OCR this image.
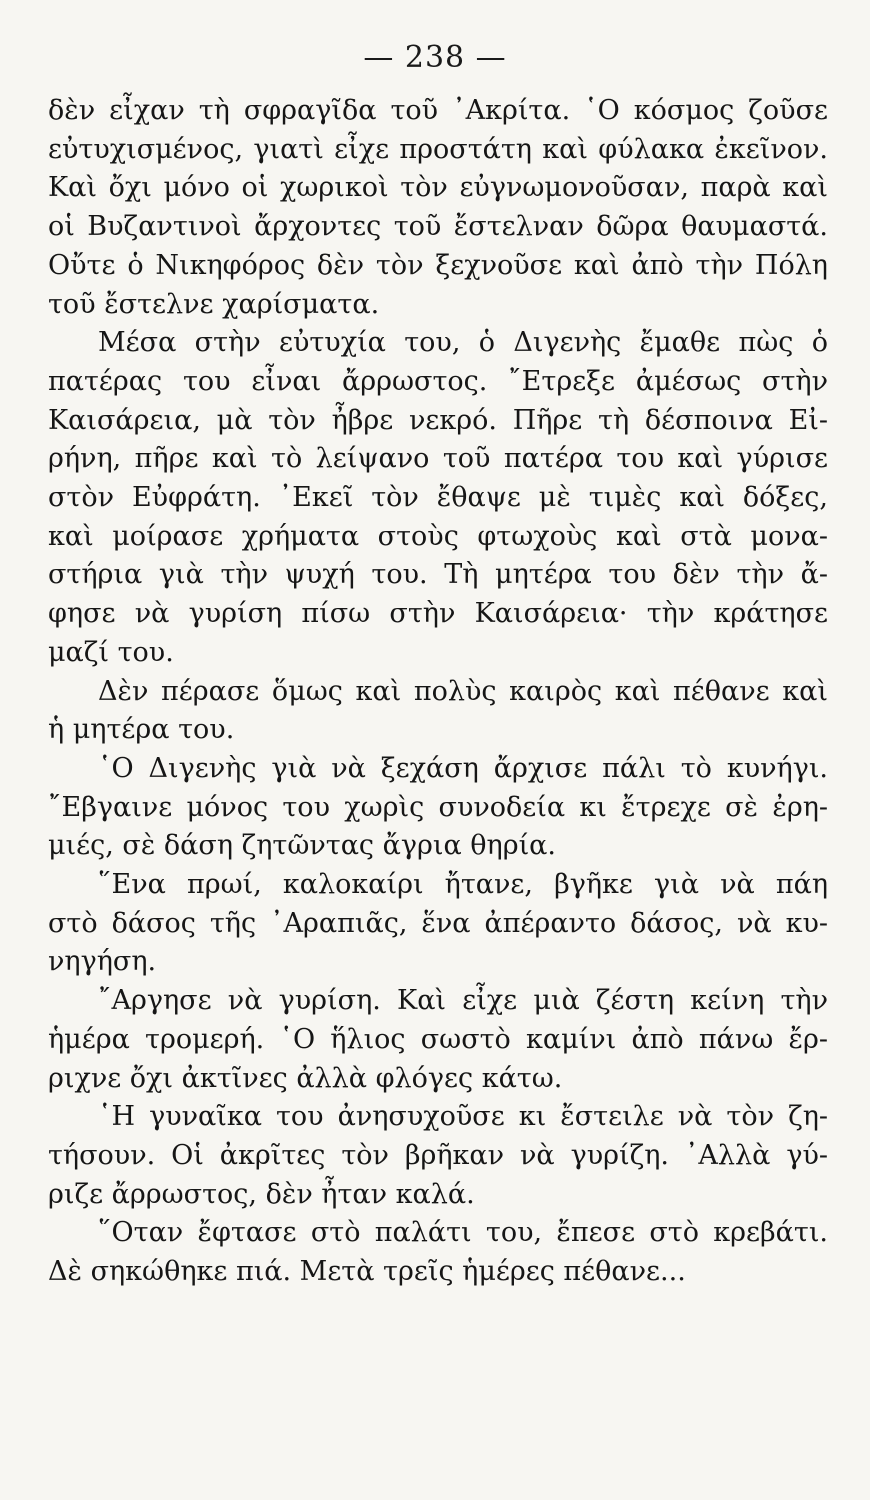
— 238 —
δὲν εἶχαν τὴ σφραγῖδα τοῦ ᾿Ακρίτα. ῾Ο κόσμος ζοῦσε
εὐτυχισμένος, γιατὶ εἶχε προστάτη καὶ φύλακα ἐκεῖνον.
Καὶ ὄχι μόνο οἱ χωρικοὶ τὸν εὐγνωμονοῦσαν, παρὰ καὶ
οἱ Βυζαντινοὶ ἄρχοντες τοῦ ἔστελναν δῶρα θαυμαστά.
Οὔτε ὁ Νικηφόρος δὲν τὸν ξεχνοῦσε καὶ ἀπὸ τὴν Πόλη
τοῦ ἔστελνε χαρίσματα.
Μέσα στὴν εὐτυχία του, ὁ Διγενὴς ἔμαθε πὼς ὁ
πατέρας του εἶναι ἄρρωστος. ῎Ετρεξε ἀμέσως στὴν
Καισάρεια, μὰ τὸν ἦβρε νεκρό. Πῆρε τὴ δέσποινα Εἰ-
ρήνη, πῆρε καὶ τὸ λείψανο τοῦ πατέρα του καὶ γύρισε
στὸν Εὐφράτη. ᾿Εκεῖ τὸν ἔθαψε μὲ τιμὲς καὶ δόξες,
καὶ μοίρασε χρήματα στοὺς φτωχοὺς καὶ στὰ μονα-
στήρια γιὰ τὴν ψυχή του. Τὴ μητέρα του δὲν τὴν ἄ-
φησε νὰ γυρίση πίσω στὴν Καισάρεια· τὴν κράτησε
μαζί του.
Δὲν πέρασε ὅμως καὶ πολὺς καιρὸς καὶ πέθανε καὶ
ἡ μητέρα του.
῾Ο Διγενὴς γιὰ νὰ ξεχάση ἄρχισε πάλι τὸ κυνήγι.
῎Εβγαινε μόνος του χωρὶς συνοδεία κι ἔτρεχε σὲ ἐρη-
μιές, σὲ δάση ζητῶντας ἄγρια θηρία.
῞Ενα πρωί, καλοκαίρι ἤτανε, βγῆκε γιὰ νὰ πάη
στὸ δάσος τῆς ᾿Αραπιᾶς, ἕνα ἀπέραντο δάσος, νὰ κυ-
νηγήση.
῎Αργησε νὰ γυρίση. Καὶ εἶχε μιὰ ζέστη κείνη τὴν
ἡμέρα τρομερή. ῾Ο ἥλιος σωστὸ καμίνι ἀπὸ πάνω ἔρ-
ριχνε ὄχι ἀκτῖνες ἀλλὰ φλόγες κάτω.
῾Η γυναῖκα του ἀνησυχοῦσε κι ἔστειλε νὰ τὸν ζη-
τήσουν. Οἱ ἀκρῖτες τὸν βρῆκαν νὰ γυρίζη. ᾿Αλλὰ γύ-
ριζε ἄρρωστος, δὲν ἦταν καλά.
῞Οταν ἔφτασε στὸ παλάτι του, ἔπεσε στὸ κρεβάτι.
Δὲ σηκώθηκε πιά. Μετὰ τρεῖς ἡμέρες πέθανε...
